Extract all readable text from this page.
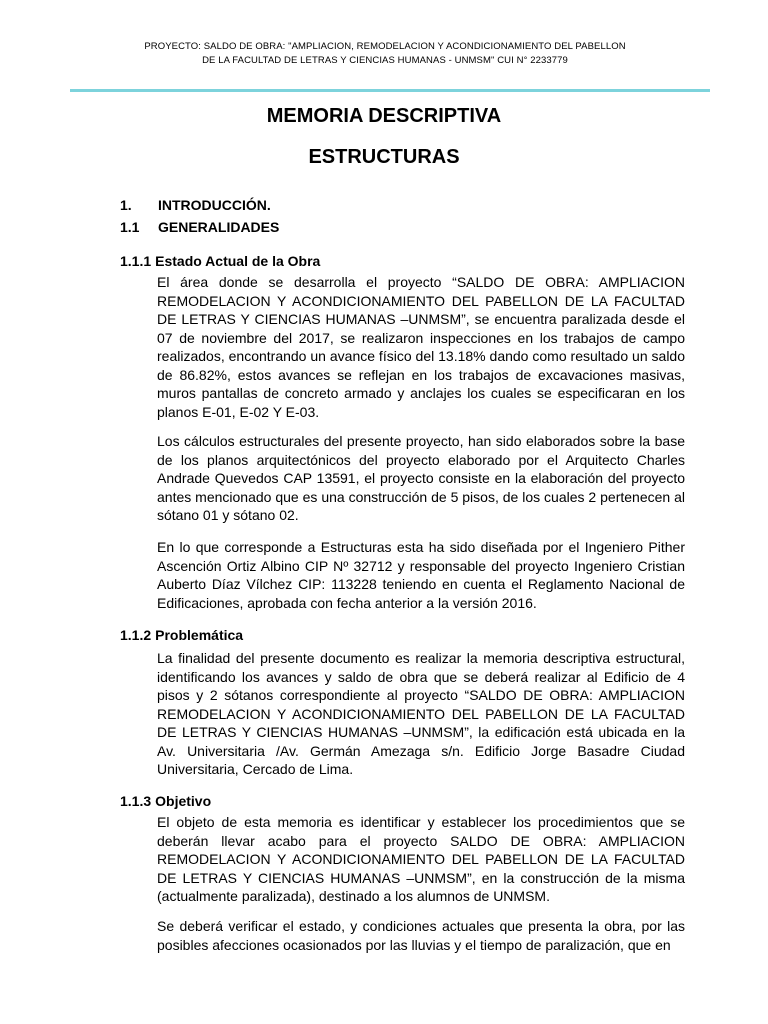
PROYECTO: SALDO DE OBRA: "AMPLIACION, REMODELACION Y ACONDICIONAMIENTO DEL PABELLON
DE LA FACULTAD DE LETRAS Y CIENCIAS HUMANAS - UNMSM" CUI N° 2233779
MEMORIA DESCRIPTIVA
ESTRUCTURAS
1. INTRODUCCIÓN.
1.1 GENERALIDADES
1.1.1 Estado Actual de la Obra

El área donde se desarrolla el proyecto “SALDO DE OBRA: AMPLIACION REMODELACION Y ACONDICIONAMIENTO DEL PABELLON DE LA FACULTAD DE LETRAS Y CIENCIAS HUMANAS –UNMSM”, se encuentra paralizada desde el 07 de noviembre del 2017, se realizaron inspecciones en los trabajos de campo realizados, encontrando un avance físico del 13.18% dando como resultado un saldo de 86.82%, estos avances se reflejan en los trabajos de excavaciones masivas, muros pantallas de concreto armado y anclajes los cuales se especificaran en los planos E-01, E-02 Y E-03.

Los cálculos estructurales del presente proyecto, han sido elaborados sobre la base de los planos arquitectónicos del proyecto elaborado por el Arquitecto Charles Andrade Quevedos CAP 13591, el proyecto consiste en la elaboración del proyecto antes mencionado que es una construcción de 5 pisos, de los cuales 2 pertenecen al sótano 01 y sótano 02.

En lo que corresponde a Estructuras esta ha sido diseñada por el Ingeniero Pither Ascención Ortiz Albino CIP Nº 32712 y responsable del proyecto Ingeniero Cristian Auberto Díaz Vílchez CIP: 113228 teniendo en cuenta el Reglamento Nacional de Edificaciones, aprobada con fecha anterior a la versión 2016.

1.1.2 Problemática

La finalidad del presente documento es realizar la memoria descriptiva estructural, identificando los avances y saldo de obra que se deberá realizar al Edificio de 4 pisos y 2 sótanos correspondiente al proyecto “SALDO DE OBRA: AMPLIACION REMODELACION Y ACONDICIONAMIENTO DEL PABELLON DE LA FACULTAD DE LETRAS Y CIENCIAS HUMANAS –UNMSM”, la edificación está ubicada en la Av. Universitaria /Av. Germán Amezaga s/n. Edificio Jorge Basadre Ciudad Universitaria, Cercado de Lima.

1.1.3 Objetivo

El objeto de esta memoria es identificar y establecer los procedimientos que se deberán llevar acabo para el proyecto SALDO DE OBRA: AMPLIACION REMODELACION Y ACONDICIONAMIENTO DEL PABELLON DE LA FACULTAD DE LETRAS Y CIENCIAS HUMANAS –UNMSM”, en la construcción de la misma (actualmente paralizada), destinado a los alumnos de UNMSM.

Se deberá verificar el estado, y condiciones actuales que presenta la obra, por las posibles afecciones ocasionados por las lluvias y el tiempo de paralización, que en
